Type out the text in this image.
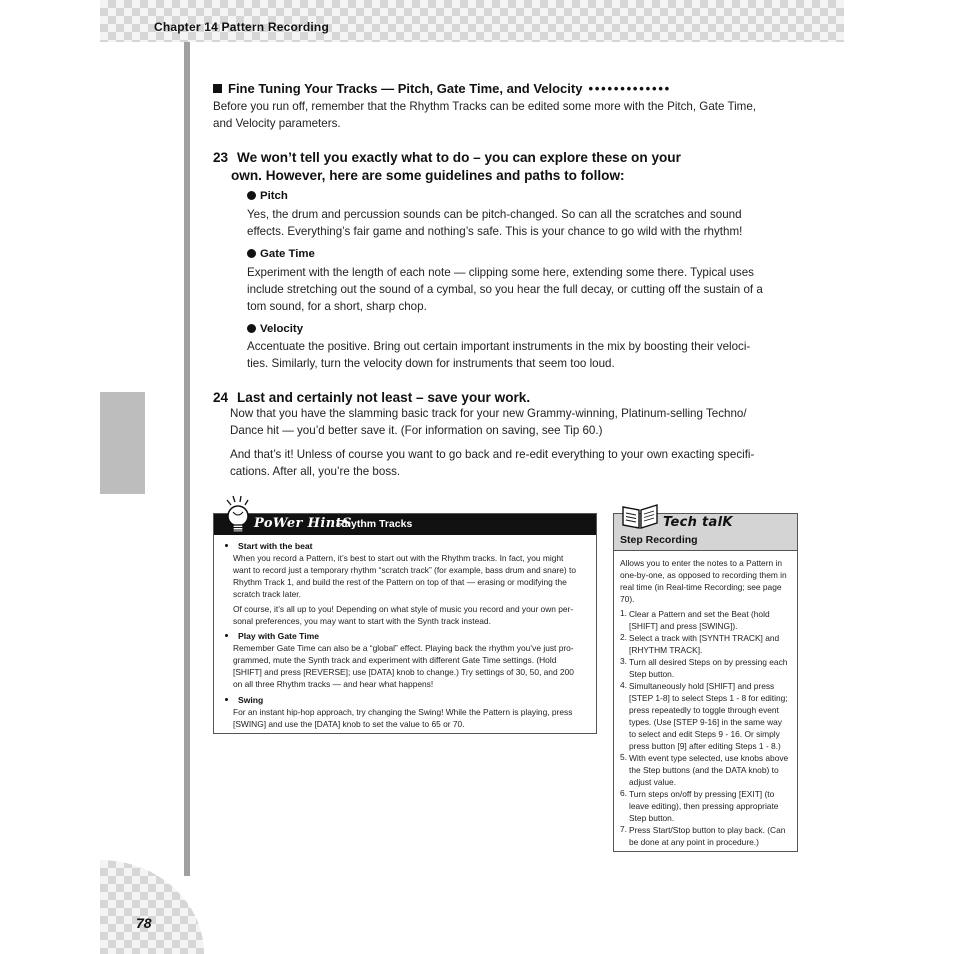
Chapter 14 Pattern Recording
78
Fine Tuning Your Tracks — Pitch, Gate Time, and Velocity •••••••••••••

Before you run off, remember that the Rhythm Tracks can be edited some more with the Pitch, Gate Time,

and Velocity parameters.

23 We won’t tell you exactly what to do – you can explore these on your

own. However, here are some guidelines and paths to follow:

Pitch

Yes, the drum and percussion sounds can be pitch-changed. So can all the scratches and sound

effects. Everything’s fair game and nothing’s safe. This is your chance to go wild with the rhythm!

Gate Time

Experiment with the length of each note — clipping some here, extending some there. Typical uses

include stretching out the sound of a cymbal, so you hear the full decay, or cutting off the sustain of a

tom sound, for a short, sharp chop.

Velocity

Accentuate the positive. Bring out certain important instruments in the mix by boosting their veloci-

ties. Similarly, turn the velocity down for instruments that seem too loud.

24 Last and certainly not least – save your work.

Now that you have the slamming basic track for your new Grammy-winning, Platinum-selling Techno/

Dance hit — you’d better save it. (For information on saving, see Tip 60.)

And that’s it! Unless of course you want to go back and re-edit everything to your own exacting specifi-

cations. After all, you’re the boss.

PoWer HintS
Rhythm Tracks
Start with the beat

When you record a Pattern, it’s best to start out with the Rhythm tracks. In fact, you might

want to record just a temporary rhythm “scratch track” (for example, bass drum and snare) to

Rhythm Track 1, and build the rest of the Pattern on top of that — erasing or modifying the

scratch track later.

Of course, it’s all up to you! Depending on what style of music you record and your own per-

sonal preferences, you may want to start with the Synth track instead.

Play with Gate Time

Remember Gate Time can also be a “global” effect. Playing back the rhythm you’ve just pro-

grammed, mute the Synth track and experiment with different Gate Time settings. (Hold

[SHIFT] and press [REVERSE]; use [DATA] knob to change.) Try settings of 30, 50, and 200

on all three Rhythm tracks — and hear what happens!

Swing

For an instant hip-hop approach, try changing the Swing! While the Pattern is playing, press

[SWING] and use the [DATA] knob to set the value to 65 or 70.

Tech talK
Step Recording

Allows you to enter the notes to a Pattern in

one-by-one, as opposed to recording them in

real time (in Real-time Recording; see page

70).

1. Clear a Pattern and set the Beat (hold

[SHIFT] and press [SWING]).

2. Select a track with [SYNTH TRACK] and

[RHYTHM TRACK].

3. Turn all desired Steps on by pressing each

Step button.

4. Simultaneously hold [SHIFT] and press

[STEP 1-8] to select Steps 1 - 8 for editing;

press repeatedly to toggle through event

types. (Use [STEP 9-16] in the same way

to select and edit Steps 9 - 16. Or simply

press button [9] after editing Steps 1 - 8.)

5. With event type selected, use knobs above

the Step buttons (and the DATA knob) to

adjust value.

6. Turn steps on/off by pressing [EXIT] (to

leave editing), then pressing appropriate

Step button.

7. Press Start/Stop button to play back. (Can

be done at any point in procedure.)
